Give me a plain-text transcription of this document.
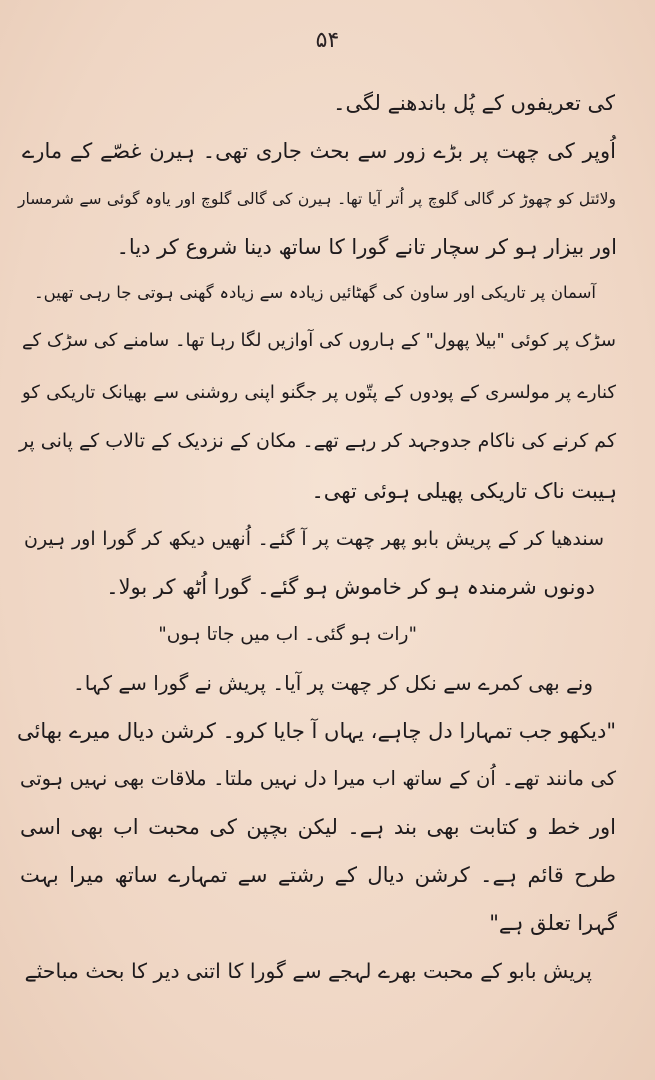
۵۴
کی تعریفوں کے پُل باندھنے لگی۔
اُوپر کی چھت پر بڑے زور سے بحث جاری تھی۔ ہیرن غصّے کے مارے
ولائتل کو چھوڑ کر گالی گلوچ پر اُتر آیا تھا۔ ہیرن کی گالی گلوچ اور یاوہ گوئی سے شرمسار
اور بیزار ہو کر سچار تانے گورا کا ساتھ دینا شروع کر دیا۔
آسمان پر تاریکی اور ساون کی گھٹائیں زیادہ سے زیادہ گھنی ہوتی جا رہی تھیں۔
سڑک پر کوئی "بیلا پھول" کے ہاروں کی آوازیں لگا رہا تھا۔ سامنے کی سڑک کے
کنارے پر مولسری کے پودوں کے پتّوں پر جگنو اپنی روشنی سے بھیانک تاریکی کو
کم کرنے کی ناکام جدوجہد کر رہے تھے۔ مکان کے نزدیک کے تالاب کے پانی پر
ہیبت ناک تاریکی پھیلی ہوئی تھی۔
سندھیا کر کے پریش بابو پھر چھت پر آ گئے۔ اُنھیں دیکھ کر گورا اور ہیرن
دونوں شرمندہ ہو کر خاموش ہو گئے۔ گورا اُٹھ کر بولا۔
"رات ہو گئی۔ اب میں جاتا ہوں"
ونے بھی کمرے سے نکل کر چھت پر آیا۔ پریش نے گورا سے کہا۔
"دیکھو جب تمہارا دل چاہے، یہاں آ جایا کرو۔ کرشن دیال میرے بھائی
کی مانند تھے۔ اُن کے ساتھ اب میرا دل نہیں ملتا۔ ملاقات بھی نہیں ہوتی
اور خط و کتابت بھی بند ہے۔ لیکن بچپن کی محبت اب بھی اسی
طرح قائم ہے۔ کرشن دیال کے رشتے سے تمہارے ساتھ میرا بہت
گہرا تعلق ہے"
پریش بابو کے محبت بھرے لہجے سے گورا کا اتنی دیر کا بحث مباحثے
